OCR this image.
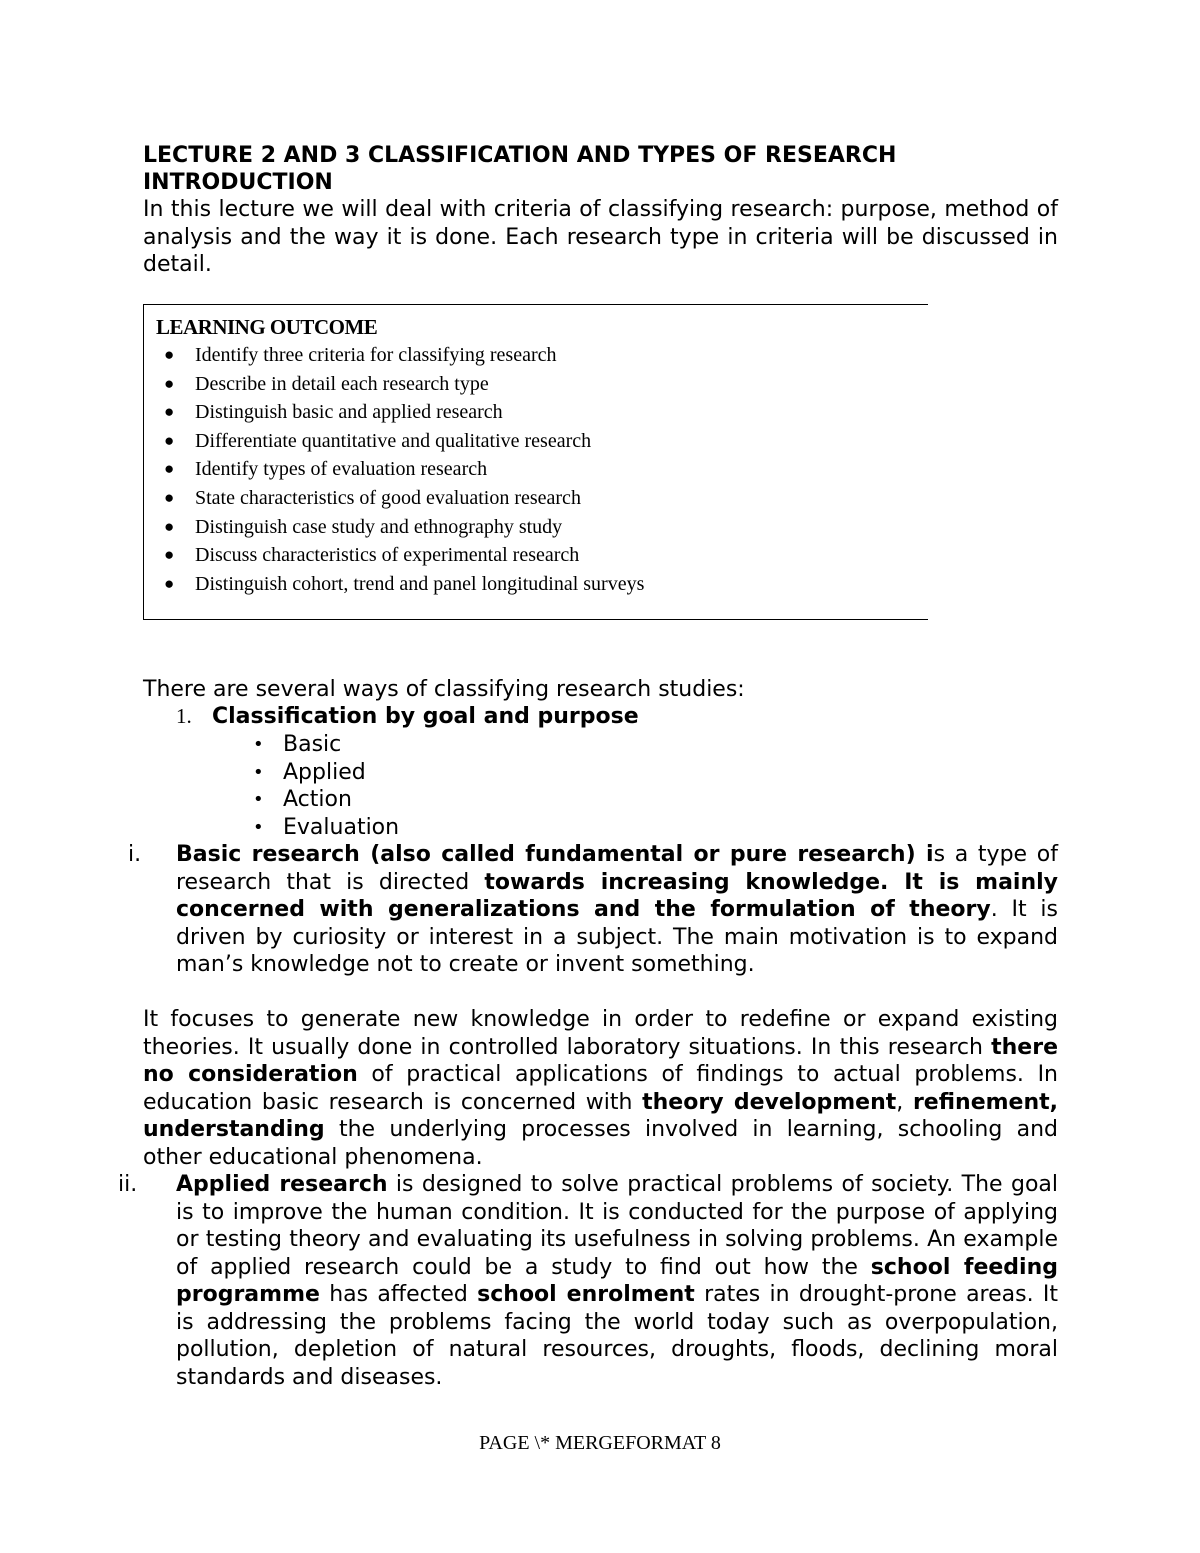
LECTURE 2 AND 3 CLASSIFICATION AND TYPES OF RESEARCH
INTRODUCTION

In this lecture we will deal with criteria of classifying research: purpose, method of analysis and the way it is done. Each research type in criteria will be discussed in detail.

LEARNING OUTCOME

● Identify three criteria for classifying research
● Describe in detail each research type
● Distinguish basic and applied research
● Differentiate quantitative and qualitative research
● Identify types of evaluation research
● State characteristics of good evaluation research
● Distinguish case study and ethnography study
● Discuss characteristics of experimental research
● Distinguish cohort, trend and panel longitudinal surveys

There are several ways of classifying research studies:

1. Classification by goal and purpose
• Basic
• Applied
• Action
• Evaluation
i. Basic research (also called fundamental or pure research) is a type of research that is directed towards increasing knowledge. It is mainly concerned with generalizations and the formulation of theory. It is driven by curiosity or interest in a subject. The main motivation is to expand man’s knowledge not to create or invent something.

It focuses to generate new knowledge in order to redefine or expand existing theories. It usually done in controlled laboratory situations. In this research there no consideration of practical applications of findings to actual problems. In education basic research is concerned with theory development, refinement, understanding the underlying processes involved in learning, schooling and other educational phenomena.

ii. Applied research is designed to solve practical problems of society. The goal is to improve the human condition. It is conducted for the purpose of applying or testing theory and evaluating its usefulness in solving problems. An example of applied research could be a study to find out how the school feeding programme has affected school enrolment rates in drought-prone areas. It is addressing the problems facing the world today such as overpopulation, pollution, depletion of natural resources, droughts, floods, declining moral standards and diseases.

PAGE \* MERGEFORMAT 8
